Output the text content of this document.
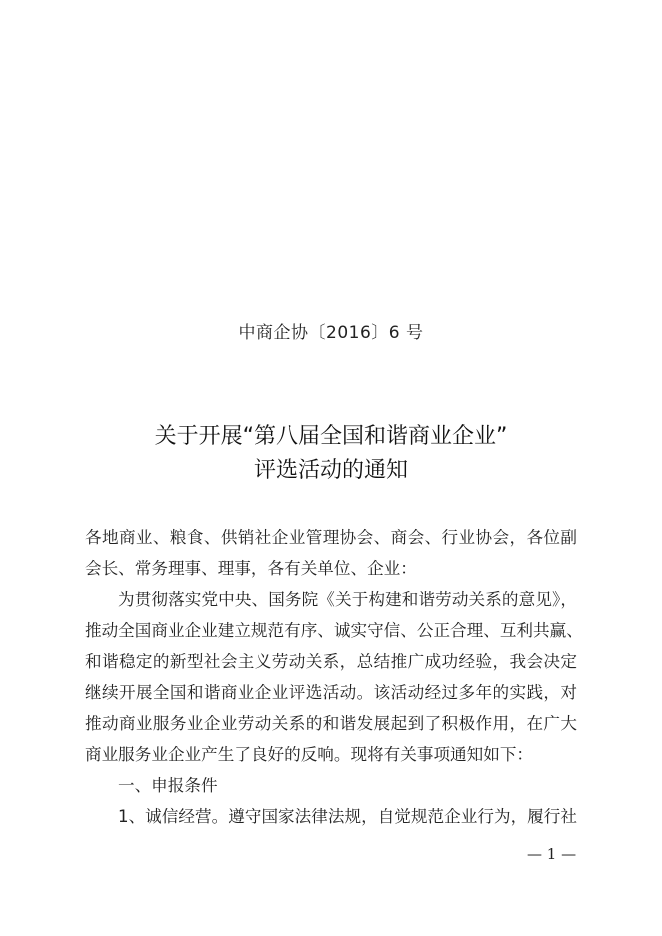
中商企协〔2016〕6 号
关于开展“第八届全国和谐商业企业”
评选活动的通知
各地商业、粮食、供销社企业管理协会、商会、行业协会，各位副
会长、常务理事、理事，各有关单位、企业：
为贯彻落实党中央、国务院《关于构建和谐劳动关系的意见》，
推动全国商业企业建立规范有序、诚实守信、公正合理、互利共赢、
和谐稳定的新型社会主义劳动关系，总结推广成功经验，我会决定
继续开展全国和谐商业企业评选活动。该活动经过多年的实践，对
推动商业服务业企业劳动关系的和谐发展起到了积极作用，在广大
商业服务业企业产生了良好的反响。现将有关事项通知如下：
一、申报条件
1、诚信经营。遵守国家法律法规，自觉规范企业行为，履行社
— 1 —
